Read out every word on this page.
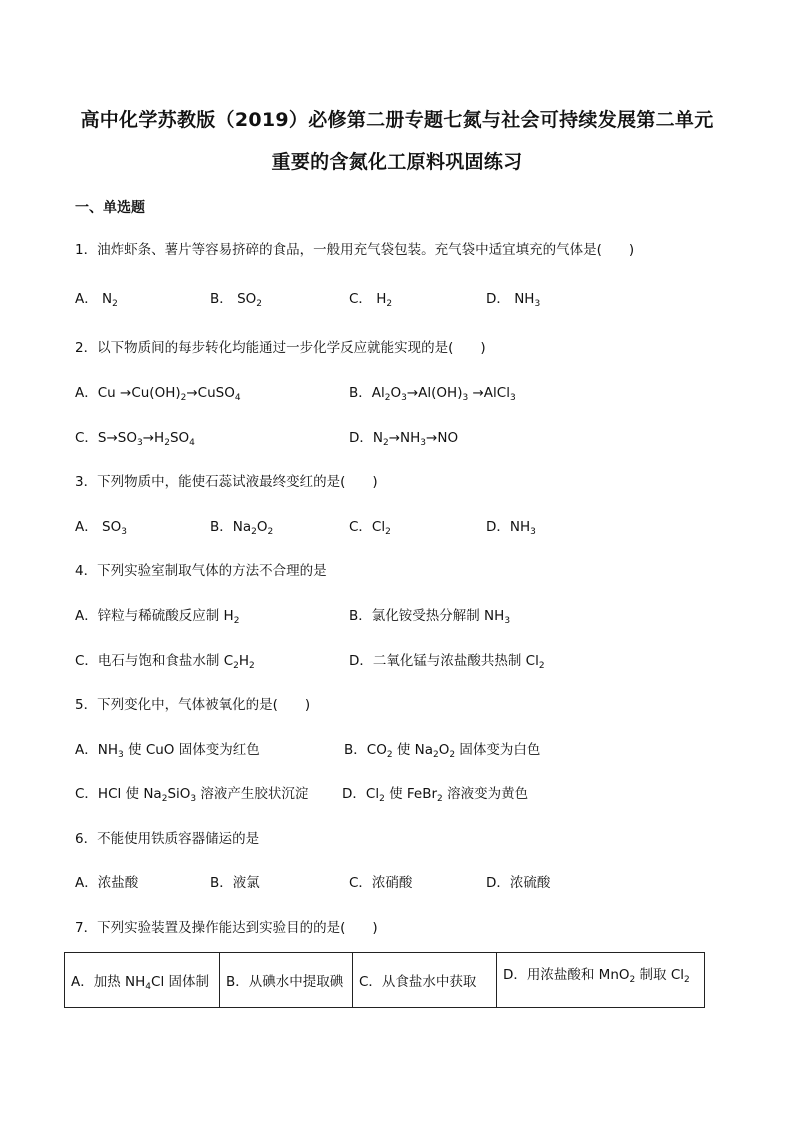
高中化学苏教版（2019）必修第二册专题七氮与社会可持续发展第二单元
重要的含氮化工原料巩固练习
一、单选题
1．油炸虾条、薯片等容易挤碎的食品，一般用充气袋包装。充气袋中适宜填充的气体是(　　)
A． $N_2$	B． $SO_2$	C． $H_2$	D． $NH_3$
2．以下物质间的每步转化均能通过一步化学反应就能实现的是(　　)
A．$Cu \to Cu(OH)_2\to CuSO_4$	B．$Al_2O_3\to Al(OH)_3$ →AlCl$_3$
C．$S\to SO_3\to H_2SO_4$	D．$N_2\to NH_3\to NO$
3．下列物质中，能使石蕊试液最终变红的是(　　)
A． $SO_3$	B．$Na_2O_2$	C．$Cl_2$	D．$NH_3$
4．下列实验室制取气体的方法不合理的是
A．锌粒与稀硫酸反应制 $H_2$	B．氯化铵受热分解制 $NH_3$
C．电石与饱和食盐水制 $C_2H_2$	D．二氧化锰与浓盐酸共热制 $Cl_2$
5．下列变化中，气体被氧化的是(　　)
A．$NH_3$ 使 CuO 固体变为红色	B．$CO_2$ 使 $Na_2O_2$ 固体变为白色
C．HCl 使 $Na_2SiO_3$ 溶液产生胶状沉淀 D．$Cl_2$ 使 FeBr$_2$ 溶液变为黄色
6．不能使用铁质容器储运的是
A．浓盐酸	B．液氯	C．浓硝酸	D．浓硫酸
7．下列实验装置及操作能达到实验目的的是(　　)
A．加热 $NH_4Cl$ 固体制	B．从碘水中提取碘	C．从食盐水中获取	D．用浓盐酸和 MnO$_2$ 制取 $Cl_2$
